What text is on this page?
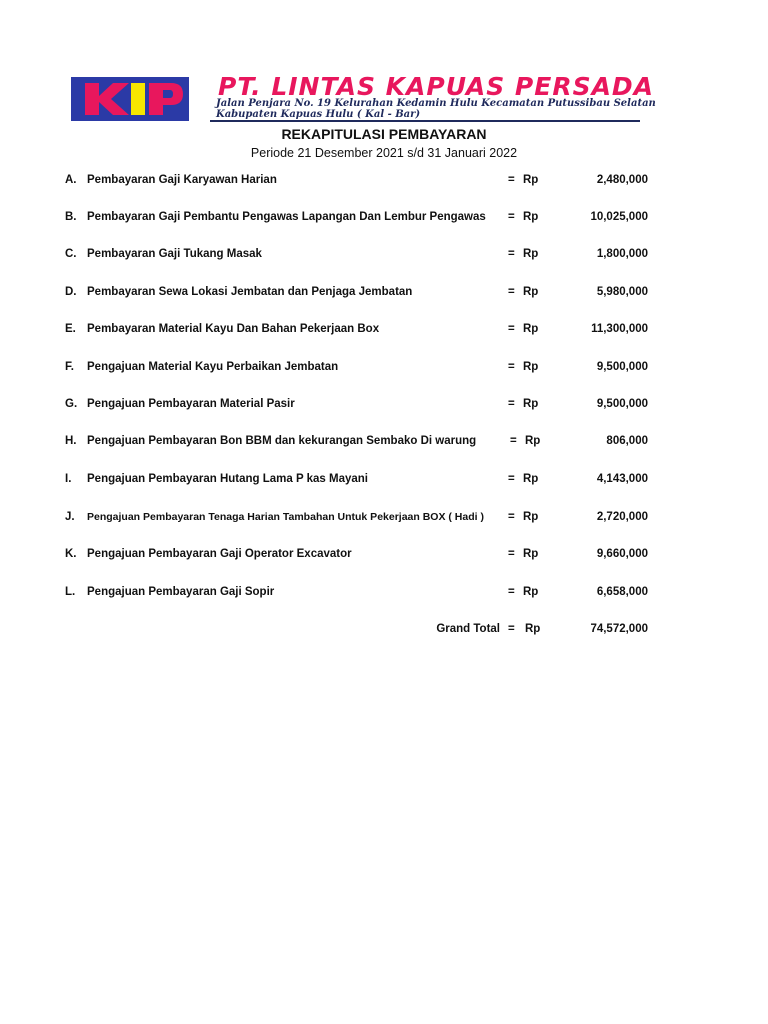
PT. LINTAS KAPUAS PERSADA
Jalan Penjara No. 19 Kelurahan Kedamin Hulu Kecamatan Putussibau Selatan
Kabupaten Kapuas Hulu ( Kal - Bar)
REKAPITULASI PEMBAYARAN
Periode 21 Desember 2021 s/d 31 Januari 2022
A. Pembayaran Gaji Karyawan Harian	= Rp	2,480,000
B. Pembayaran Gaji Pembantu Pengawas Lapangan Dan Lembur Pengawas = Rp	10,025,000
C. Pembayaran Gaji Tukang Masak	= Rp	1,800,000
D. Pembayaran Sewa Lokasi Jembatan dan Penjaga Jembatan	= Rp	5,980,000
E. Pembayaran Material Kayu Dan Bahan Pekerjaan Box	= Rp	11,300,000
F. Pengajuan Material Kayu Perbaikan Jembatan	= Rp	9,500,000
G. Pengajuan Pembayaran Material Pasir	= Rp	9,500,000
H. Pengajuan Pembayaran Bon BBM dan kekurangan Sembako Di warung	= Rp	806,000
I. Pengajuan Pembayaran Hutang Lama P kas Mayani	= Rp	4,143,000
J. Pengajuan Pembayaran Tenaga Harian Tambahan Untuk Pekerjaan BOX ( Hadi ) = Rp	2,720,000
K. Pengajuan Pembayaran Gaji Operator Excavator	= Rp	9,660,000
L. Pengajuan Pembayaran Gaji Sopir	= Rp	6,658,000
Grand Total = Rp	74,572,000
